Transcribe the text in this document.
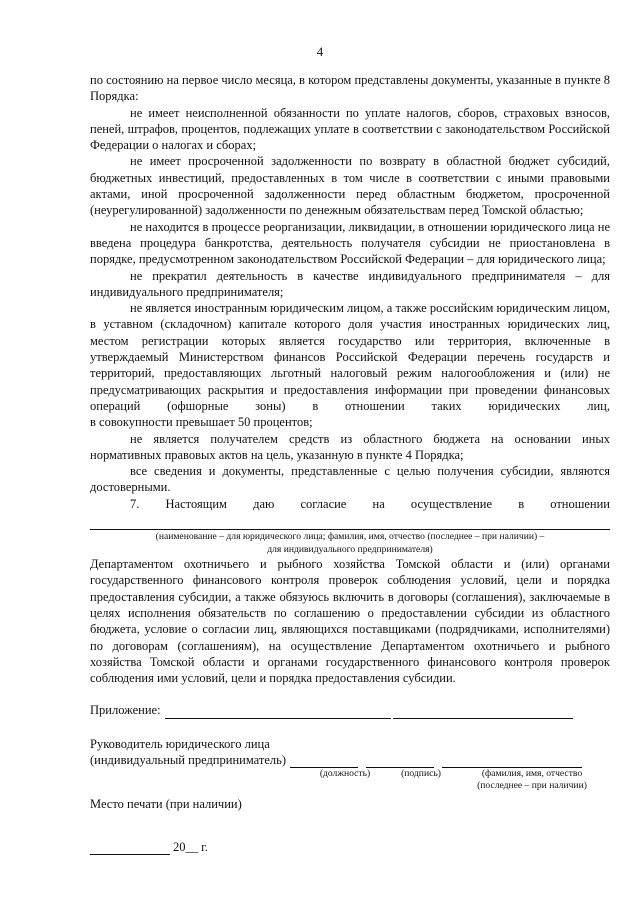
4

по состоянию на первое число месяца, в котором представлены документы, указанные в пункте 8 Порядка:

не имеет неисполненной обязанности по уплате налогов, сборов, страховых взносов,

пеней, штрафов, процентов, подлежащих уплате в соответствии с законодательством Российской Федерации о налогах и сборах;

не имеет просроченной задолженности по возврату в областной бюджет субсидий, бюджетных инвестиций, предоставленных в том числе в соответствии с иными правовыми актами, иной просроченной задолженности перед областным бюджетом, просроченной (неурегулированной) задолженности по денежным обязательствам перед Томской областью;

не находится в процессе реорганизации, ликвидации, в отношении юридического лица не введена процедура банкротства, деятельность получателя субсидии не приостановлена в порядке, предусмотренном законодательством Российской Федерации – для юридического лица;

не прекратил деятельность в качестве индивидуального предпринимателя – для индивидуального предпринимателя;

не является иностранным юридическим лицом, а также российским юридическим лицом, в уставном (складочном) капитале которого доля участия иностранных юридических лиц, местом регистрации которых является государство или территория, включенные в утверждаемый Министерством финансов Российской Федерации перечень государств и территорий, предоставляющих льготный налоговый режим налогообложения и (или) не предусматривающих раскрытия и предоставления информации при проведении финансовых операций (офшорные зоны) в отношении таких юридических лиц,

в совокупности превышает 50 процентов;

не является получателем средств из областного бюджета на основании иных нормативных правовых актов на цель, указанную в пункте 4 Порядка;

все сведения и документы, представленные с целью получения субсидии, являются достоверными.

7. Настоящим даю согласие на осуществление в отношении

(наименование – для юридического лица; фамилия, имя, отчество (последнее – при наличии) –

для индивидуального предпринимателя)

Департаментом охотничьего и рыбного хозяйства Томской области и (или) органами государственного финансового контроля проверок соблюдения условий, цели и порядка предоставления субсидии, а также обязуюсь включить в договоры (соглашения), заключаемые в целях исполнения обязательств по соглашению о предоставлении субсидии из областного бюджета, условие о согласии лиц, являющихся поставщиками (подрядчиками, исполнителями) по договорам (соглашениям), на осуществление Департаментом охотничьего и рыбного хозяйства Томской области и органами государственного финансового контроля проверок соблюдения ими условий, цели и порядка предоставления субсидии.

Приложение:
Руководитель юридического лица
(индивидуальный предприниматель)
(должность)	(подпись)	(фамилия, имя, отчество
(последнее – при наличии)
Место печати (при наличии)
20__ г.
